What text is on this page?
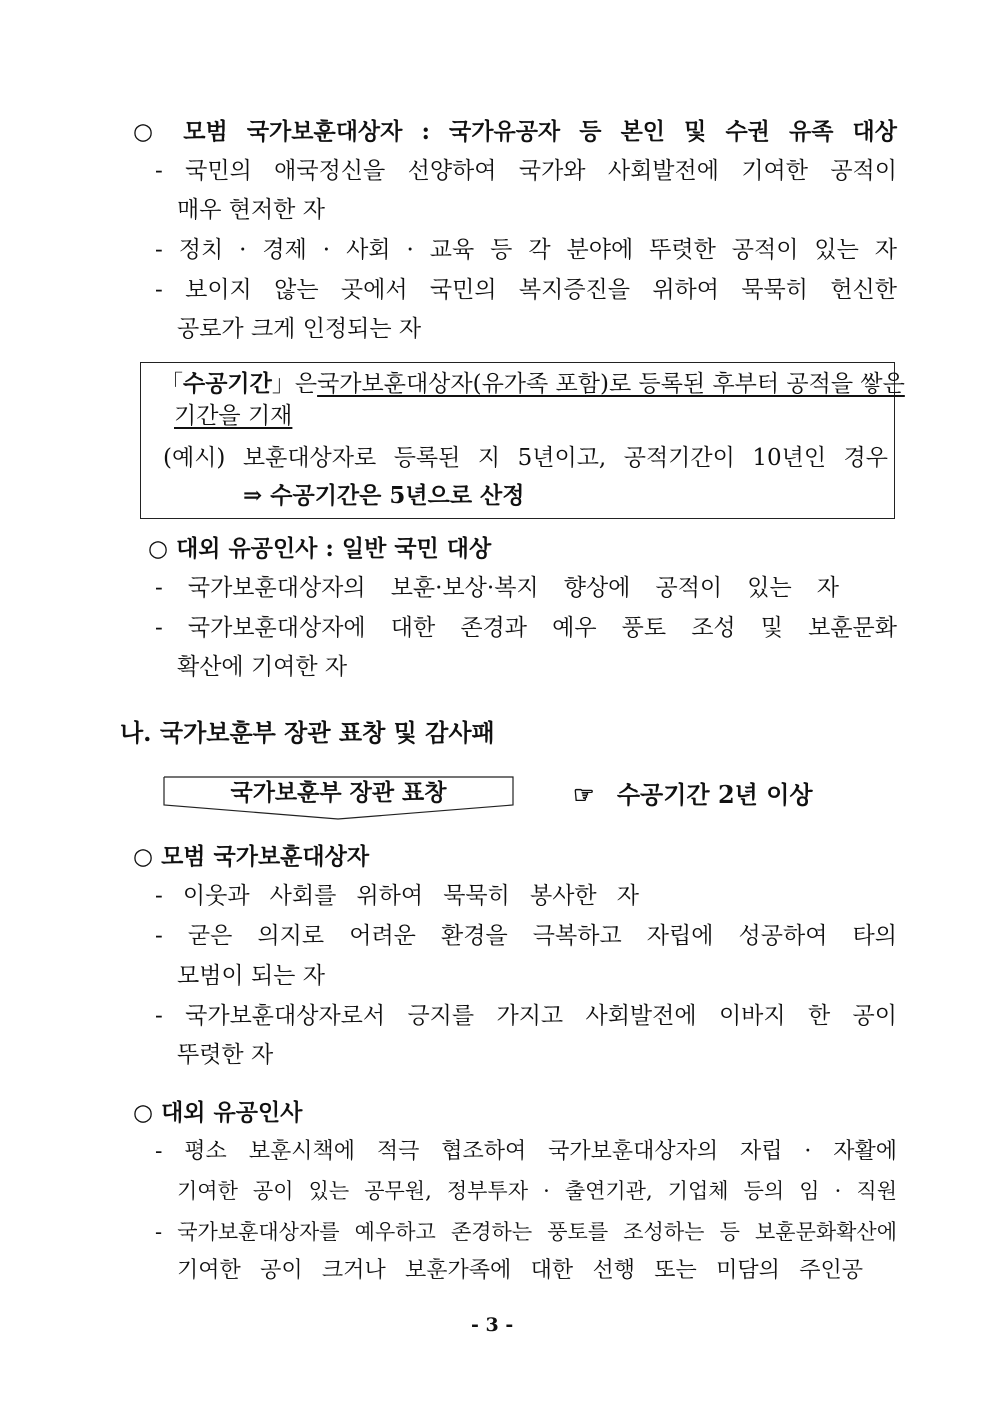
○ 모범 국가보훈대상자 : 국가유공자 등 본인 및 수권 유족 대상
- 국민의 애국정신을 선양하여 국가와 사회발전에 기여한 공적이
매우 현저한 자
- 정치 · 경제 · 사회 · 교육 등 각 분야에 뚜렷한 공적이 있는 자
- 보이지 않는 곳에서 국민의 복지증진을 위하여 묵묵히 헌신한
공로가 크게 인정되는 자
「수공기간」은 국가보훈대상자(유가족 포함)로 등록된 후부터 공적을 쌓은
기간을 기재
(예시) 보훈대상자로 등록된 지 5년이고, 공적기간이 10년인 경우
⇒ 수공기간은 5년으로 산정
○ 대외 유공인사 : 일반 국민 대상
- 국가보훈대상자의 보훈·보상·복지 향상에 공적이 있는 자
- 국가보훈대상자에 대한 존경과 예우 풍토 조성 및 보훈문화
확산에 기여한 자
나. 국가보훈부 장관 표창 및 감사패
국가보훈부 장관 표창	☞ 수공기간 2년 이상
○ 모범 국가보훈대상자
- 이웃과 사회를 위하여 묵묵히 봉사한 자
- 굳은 의지로 어려운 환경을 극복하고 자립에 성공하여 타의
모범이 되는 자
- 국가보훈대상자로서 긍지를 가지고 사회발전에 이바지 한 공이
뚜렷한 자
○ 대외 유공인사
- 평소 보훈시책에 적극 협조하여 국가보훈대상자의 자립 · 자활에
기여한 공이 있는 공무원, 정부투자 · 출연기관, 기업체 등의 임 · 직원
- 국가보훈대상자를 예우하고 존경하는 풍토를 조성하는 등 보훈문화확산에
기여한 공이 크거나 보훈가족에 대한 선행 또는 미담의 주인공
- 3 -
